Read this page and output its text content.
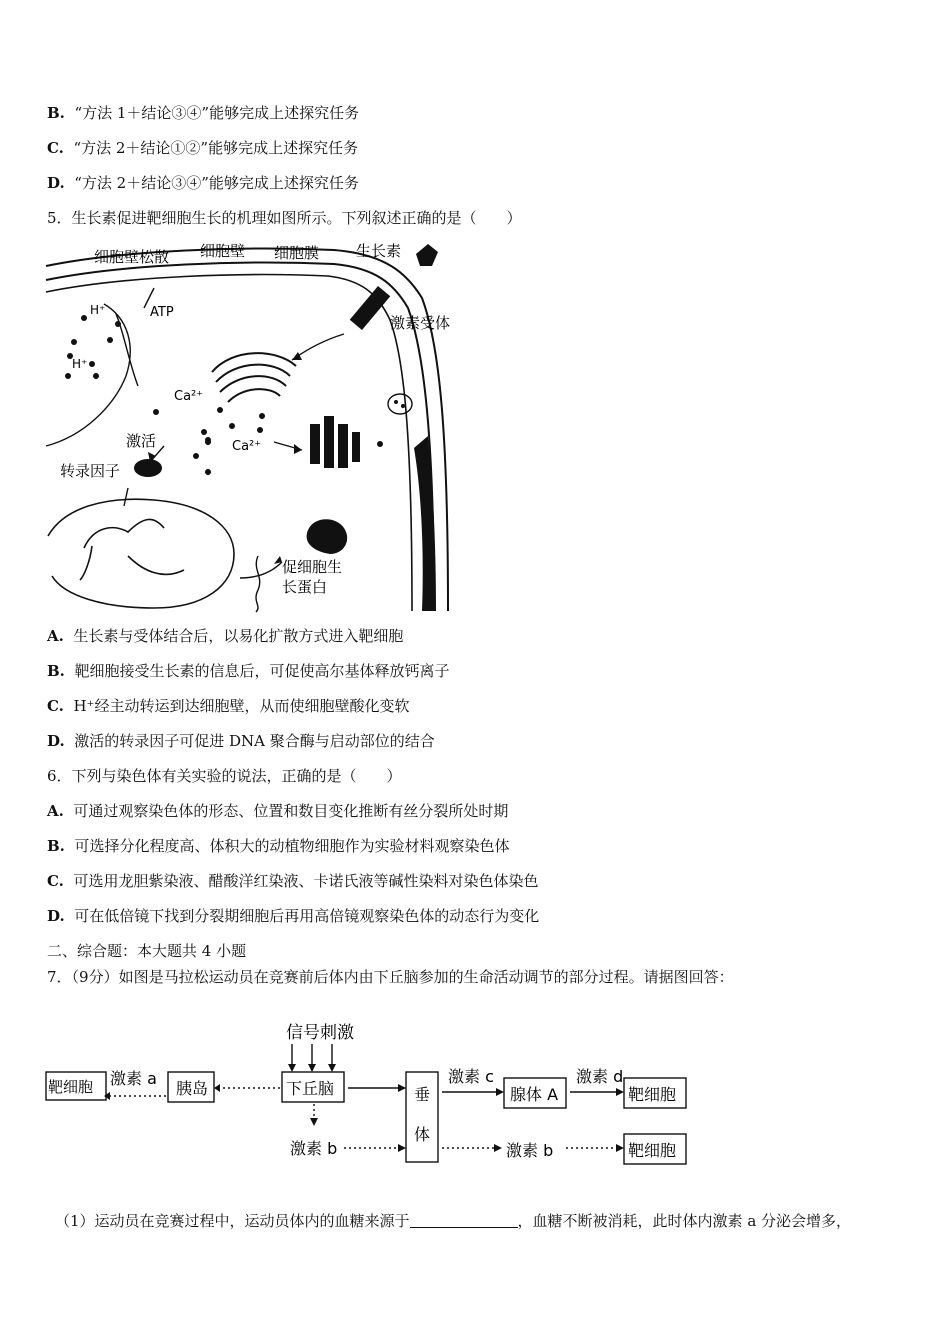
B. “方法 1＋结论③④”能够完成上述探究任务
C. “方法 2＋结论①②”能够完成上述探究任务
D. “方法 2＋结论③④”能够完成上述探究任务
5．生长素促进靶细胞生长的机理如图所示。下列叙述正确的是（　　）
细胞壁松散 细胞壁 细胞膜 生长素
激素受体
ATP
H⁺
H⁺
Ca²⁺
Ca²⁺
激活
转录因子
促细胞生
长蛋白
A. 生长素与受体结合后，以易化扩散方式进入靶细胞
B. 靶细胞接受生长素的信息后，可促使高尔基体释放钙离子
C. H⁺经主动转运到达细胞壁，从而使细胞壁酸化变软
D. 激活的转录因子可促进 DNA 聚合酶与启动部位的结合
6．下列与染色体有关实验的说法，正确的是（　　）
A. 可通过观察染色体的形态、位置和数目变化推断有丝分裂所处时期
B. 可选择分化程度高、体积大的动植物细胞作为实验材料观察染色体
C. 可选用龙胆紫染液、醋酸洋红染液、卡诺氏液等碱性染料对染色体染色
D. 可在低倍镜下找到分裂期细胞后再用高倍镜观察染色体的动态行为变化
二、综合题：本大题共 4 小题
7．（9分）如图是马拉松运动员在竞赛前后体内由下丘脑参加的生命活动调节的部分过程。请据图回答：
信号刺激
下丘脑
胰岛
靶细胞 激素 a
垂
体
激素 c
腺体 A
激素 d
靶细胞
激素 b	激素 b	靶细胞
（1）运动员在竞赛过程中，运动员体内的血糖来源于	，血糖不断被消耗，此时体内激素 a 分泌会增多，
